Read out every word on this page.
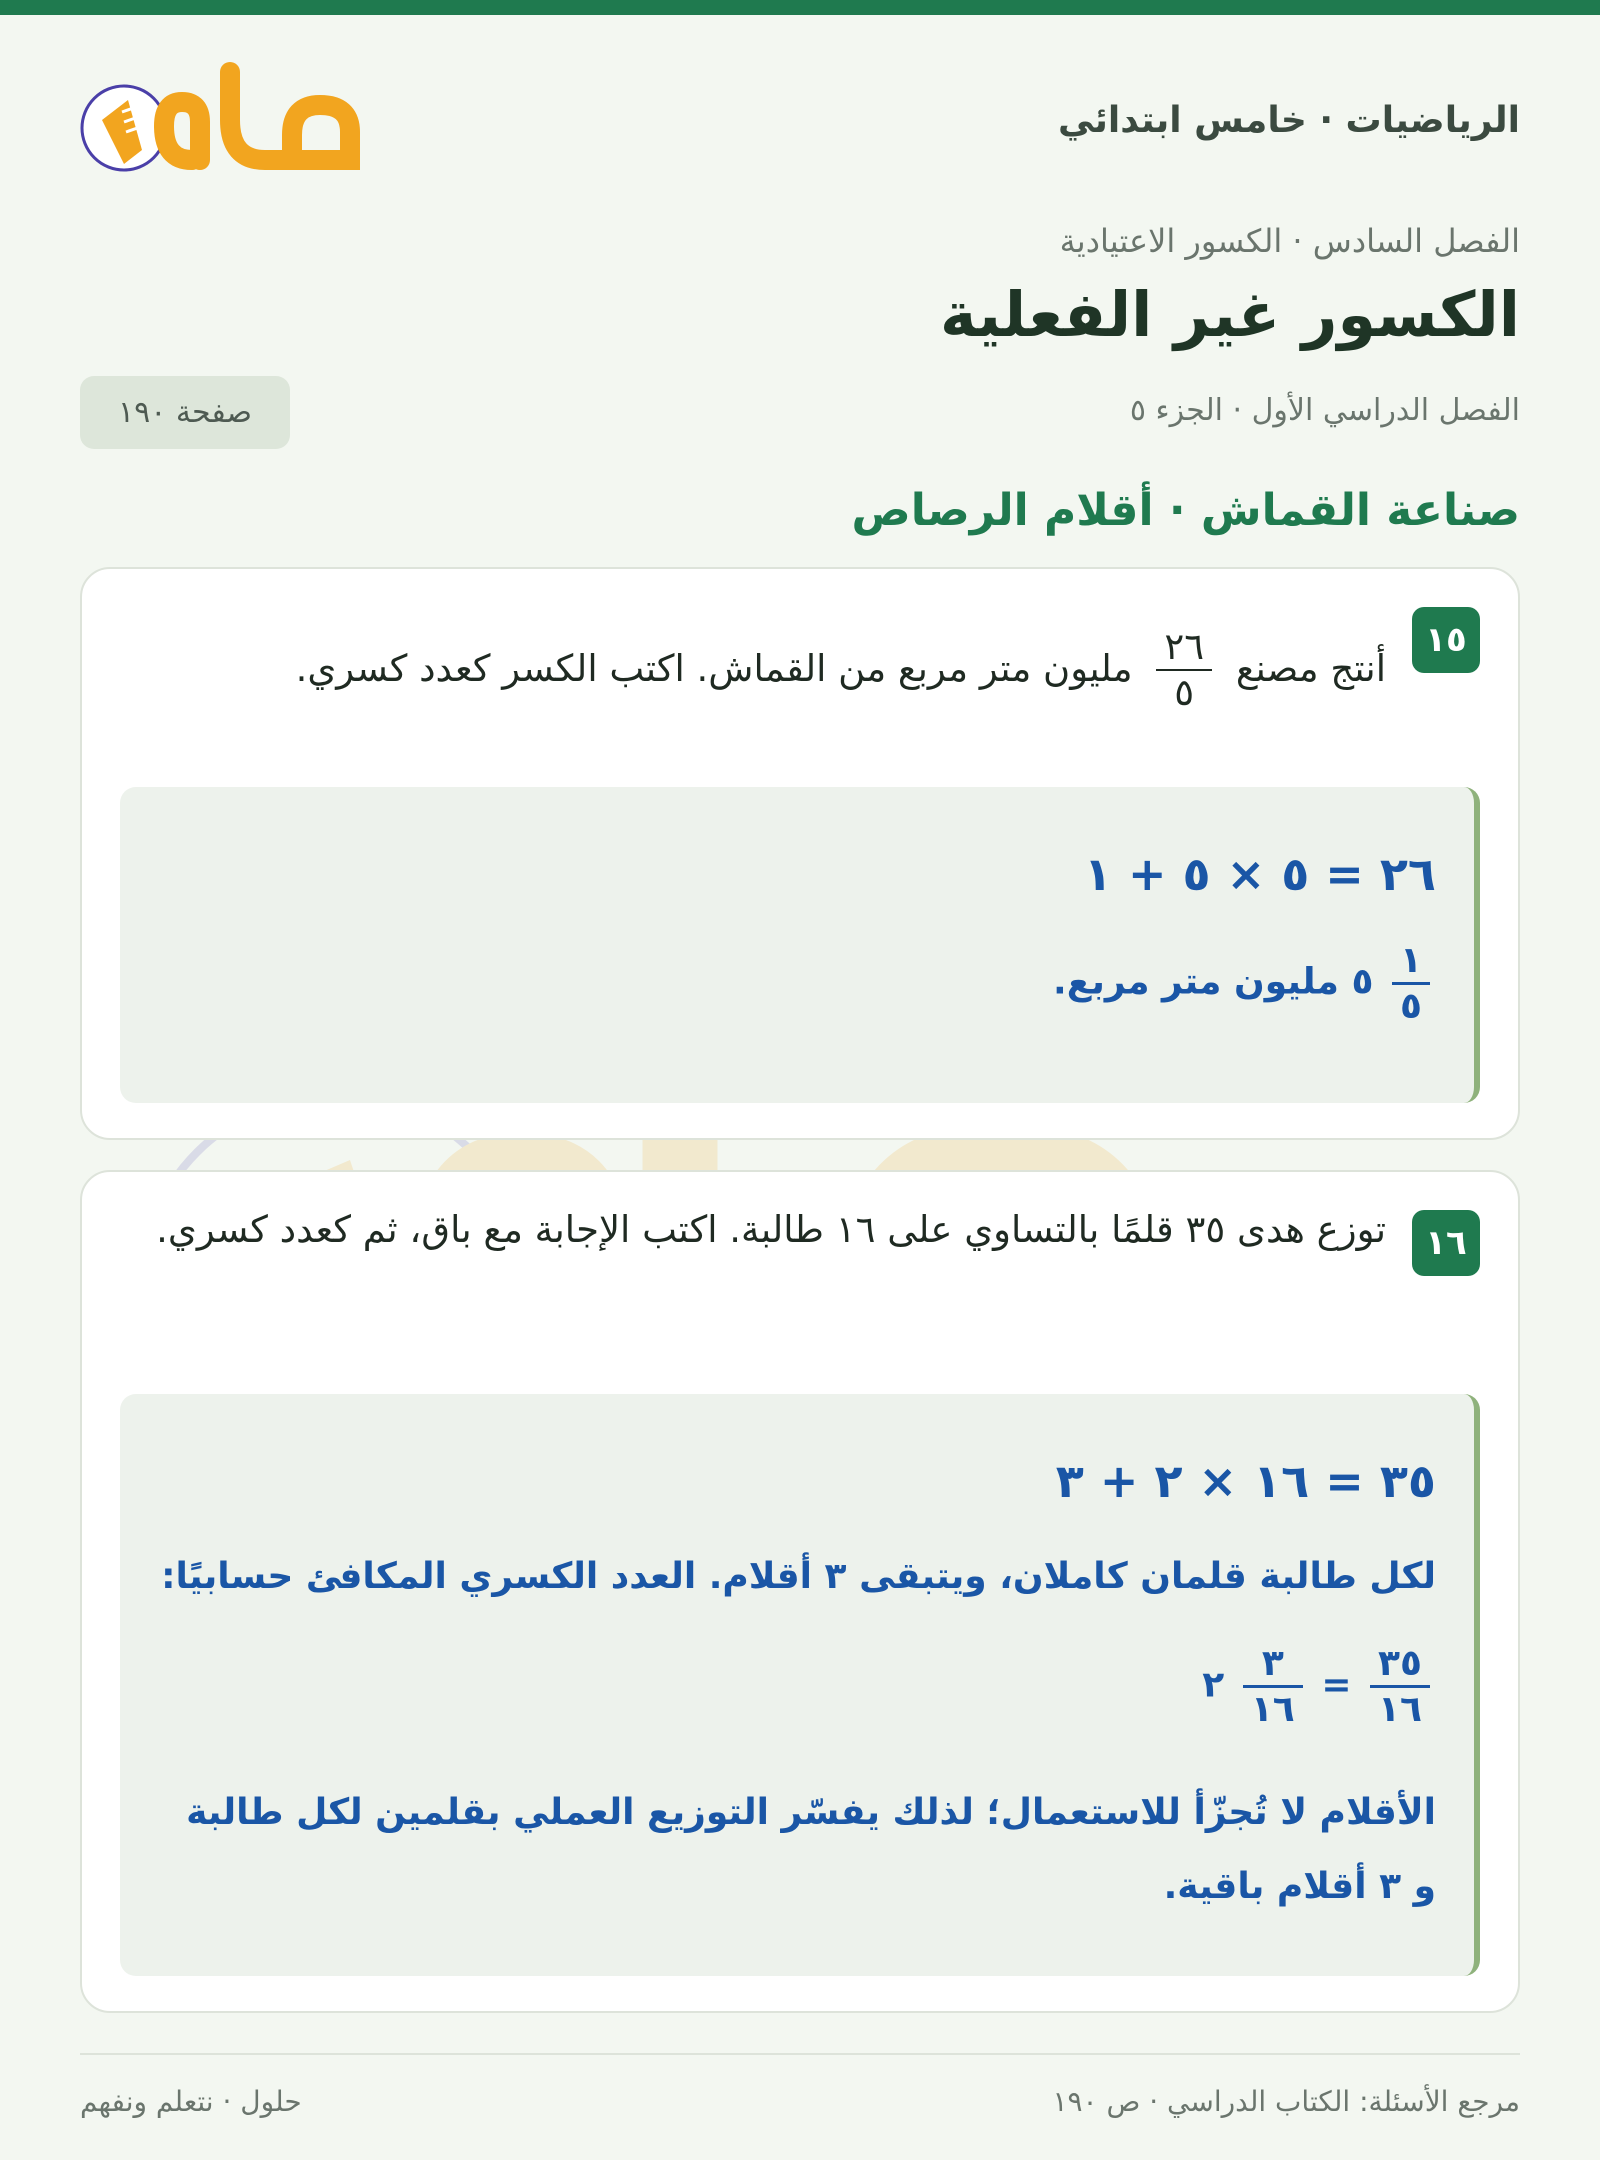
الرياضيات · خامس ابتدائي
الفصل السادس · الكسور الاعتيادية
الكسور غير الفعلية
الفصل الدراسي الأول · الجزء ٥
صفحة ١٩٠
صناعة القماش · أقلام الرصاص
١٥
أنتج مصنع
$\frac{٢٦}{٥}$
مليون متر مربع من القماش. اكتب الكسر كعدد كسري.
٢٦ = ٥ × ٥ + ١
$\frac{١}{٥}$
٥ مليون متر مربع.
١٦
توزع هدى ٣٥ قلمًا بالتساوي على ١٦ طالبة. اكتب الإجابة مع باق، ثم كعدد كسري.
٣٥ = ١٦ × ٢ + ٣
لكل طالبة قلمان كاملان، ويتبقى ٣ أقلام. العدد الكسري المكافئ حسابيًا:
$\frac{٣٥}{١٦}$
=
$\frac{٣}{١٦}$
٢
الأقلام لا تُجزّأ للاستعمال؛ لذلك يفسّر التوزيع العملي بقلمين لكل طالبة و ٣ أقلام باقية.
مرجع الأسئلة: الكتاب الدراسي · ص ١٩٠
حلول · نتعلم ونفهم
